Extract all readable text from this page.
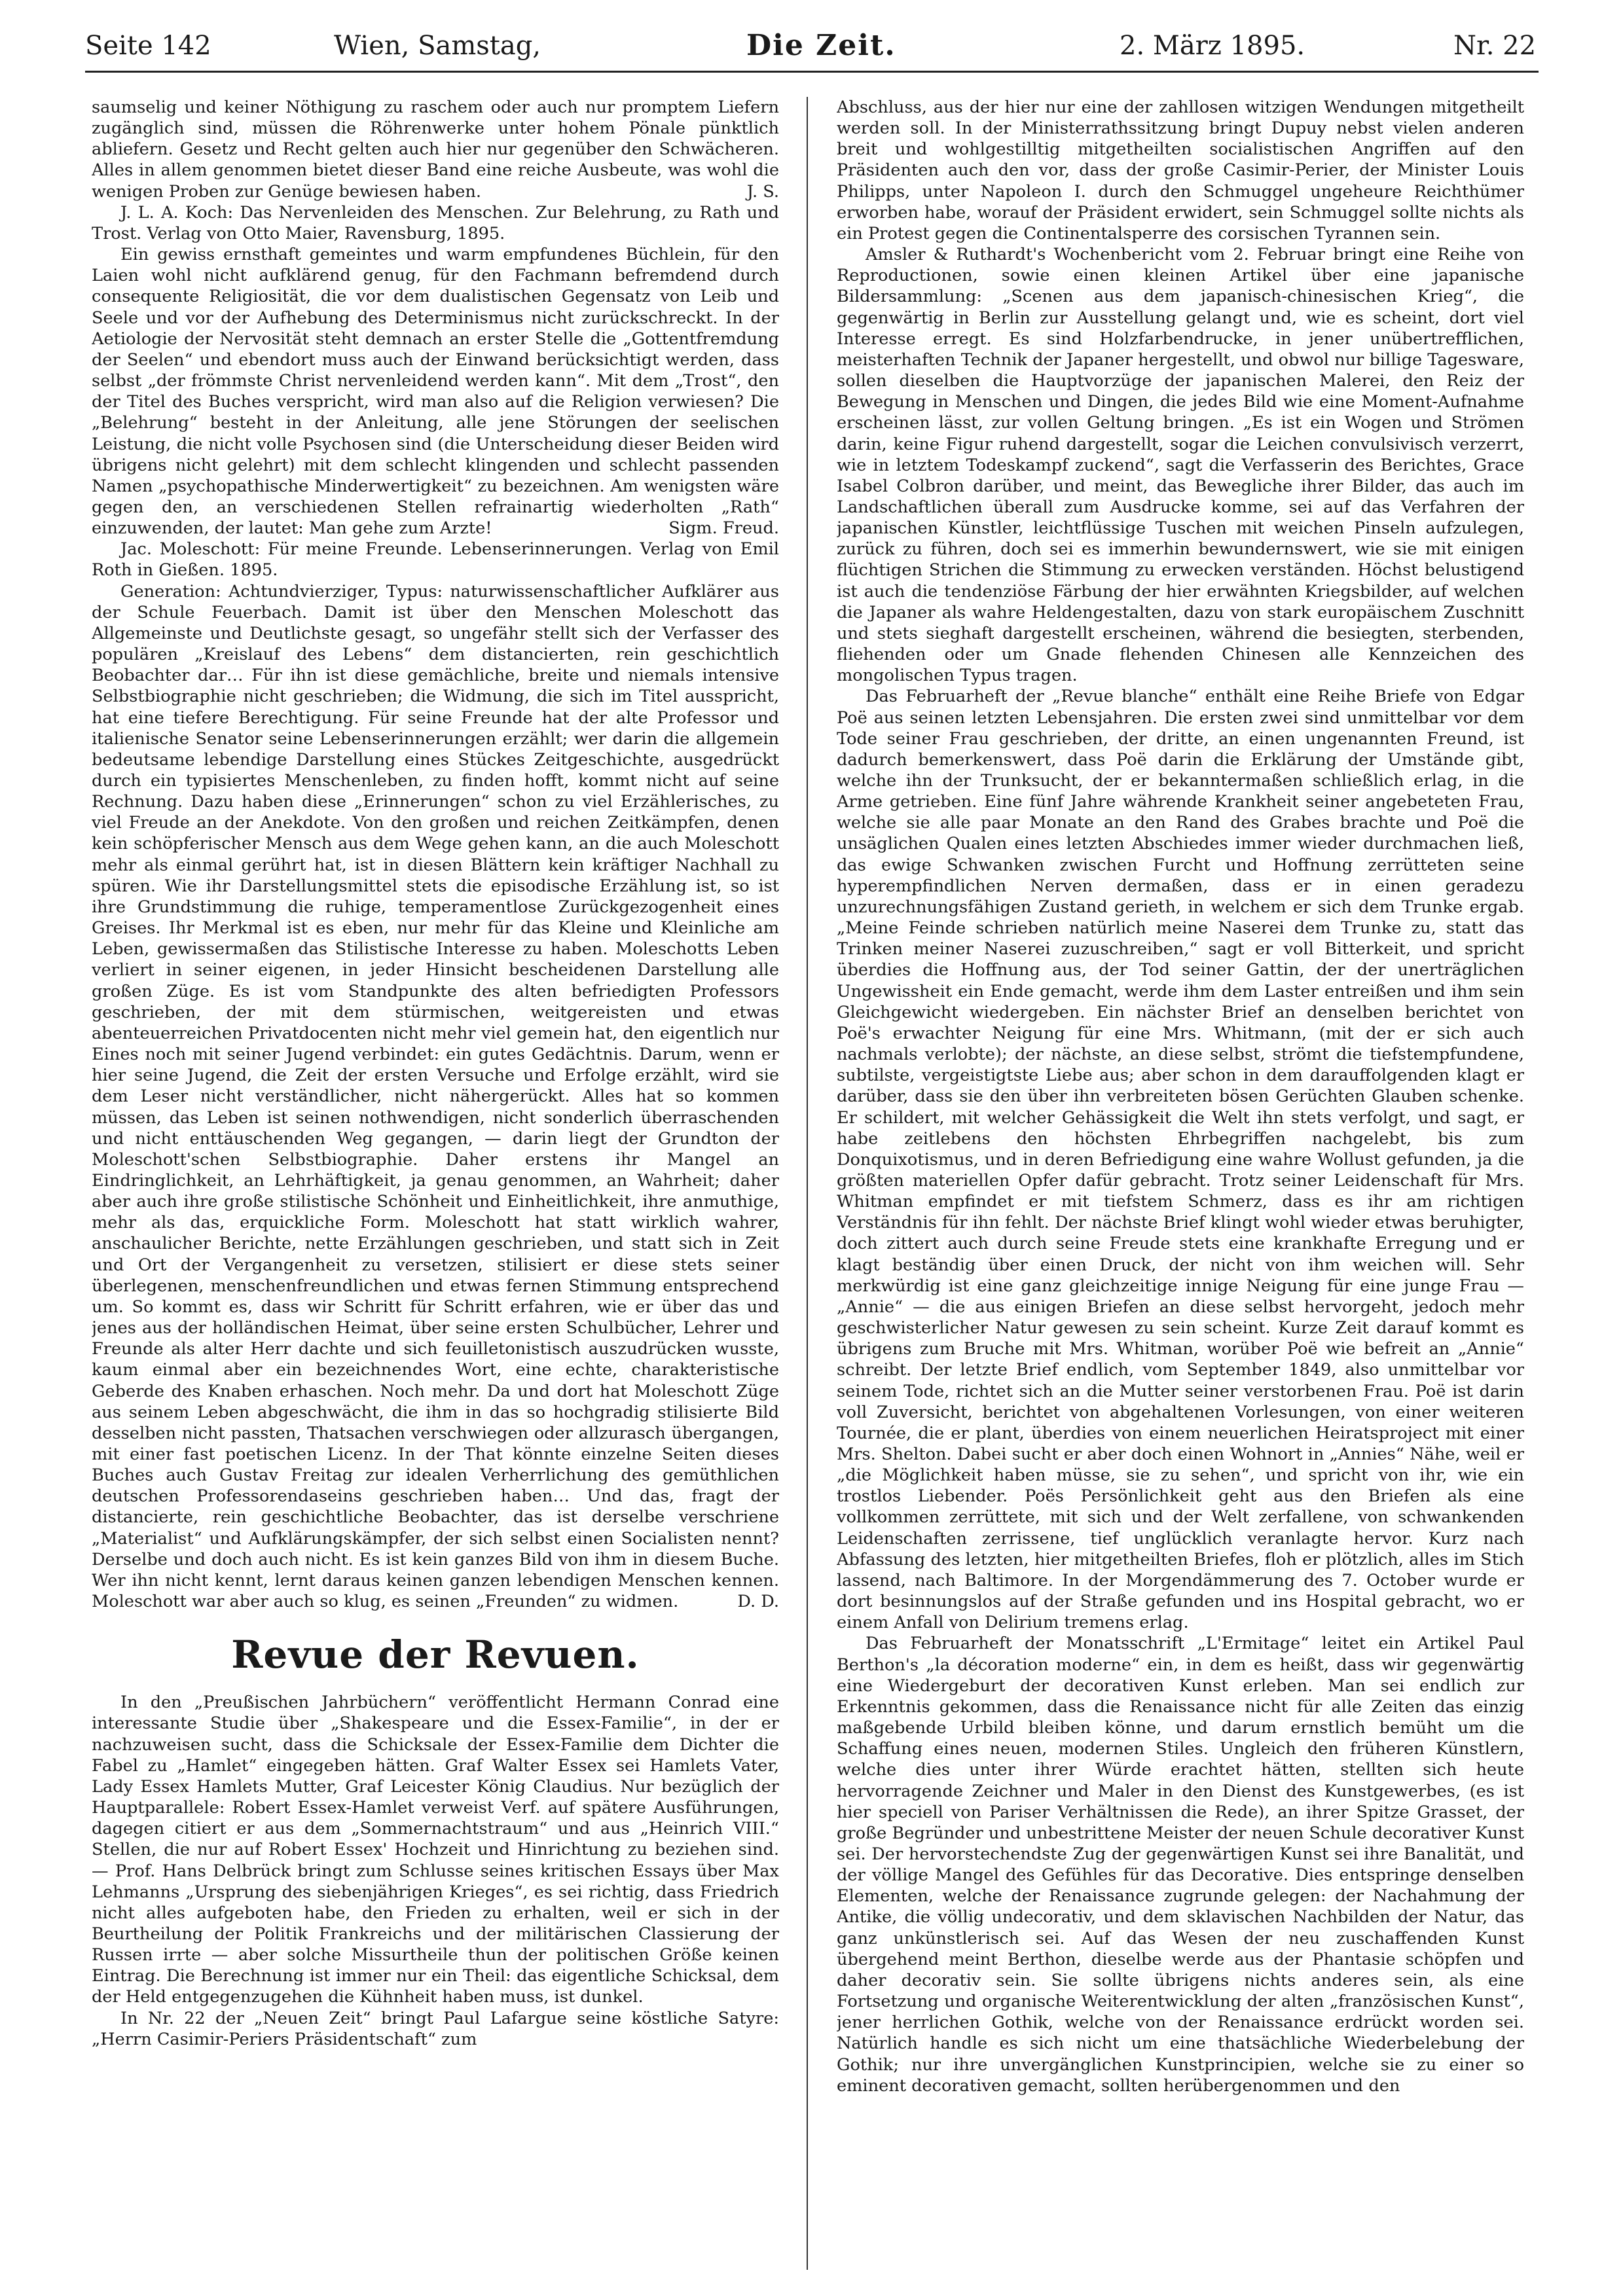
Seite 142	Wien, Samstag,	Die Zeit.	2. März 1895.	Nr. 22

saumselig und keiner Nöthigung zu raschem oder auch nur promptem Liefern zugänglich sind, müssen die Röhrenwerke unter hohem Pönale pünktlich abliefern. Gesetz und Recht gelten auch hier nur gegenüber den Schwächeren. Alles in allem genommen bietet dieser Band eine reiche Ausbeute, was wohl die wenigen Proben zur Genüge bewiesen haben.	J. S.

J. L. A. Koch: Das Nervenleiden des Menschen. Zur Belehrung, zu Rath und Trost. Verlag von Otto Maier, Ravensburg, 1895.

Ein gewiss ernsthaft gemeintes und warm empfundenes Büchlein, für den Laien wohl nicht aufklärend genug, für den Fachmann befremdend durch consequente Religiosität, die vor dem dualistischen Gegensatz von Leib und Seele und vor der Aufhebung des Determinismus nicht zurückschreckt. In der Aetiologie der Nervosität steht demnach an erster Stelle die „Gottentfremdung der Seelen“ und ebendort muss auch der Einwand berücksichtigt werden, dass selbst „der frömmste Christ nervenleidend werden kann“. Mit dem „Trost“, den der Titel des Buches verspricht, wird man also auf die Religion verwiesen? Die „Belehrung“ besteht in der Anleitung, alle jene Störungen der seelischen Leistung, die nicht volle Psychosen sind (die Unterscheidung dieser Beiden wird übrigens nicht gelehrt) mit dem schlecht klingenden und schlecht passenden Namen „psychopathische Minderwertigkeit“ zu bezeichnen. Am wenigsten wäre gegen den, an verschiedenen Stellen refrainartig wiederholten „Rath“ einzuwenden, der lautet: Man gehe zum Arzte!	Sigm. Freud.

Jac. Moleschott: Für meine Freunde. Lebenserinnerungen. Verlag von Emil Roth in Gießen. 1895.

Generation: Achtundvierziger, Typus: naturwissenschaftlicher Aufklärer aus der Schule Feuerbach. Damit ist über den Menschen Moleschott das Allgemeinste und Deutlichste gesagt, so ungefähr stellt sich der Verfasser des populären „Kreislauf des Lebens“ dem distancierten, rein geschichtlich Beobachter dar… Für ihn ist diese gemächliche, breite und niemals intensive Selbstbiographie nicht geschrieben; die Widmung, die sich im Titel ausspricht, hat eine tiefere Berechtigung. Für seine Freunde hat der alte Professor und italienische Senator seine Lebenserinnerungen erzählt; wer darin die allgemein bedeutsame lebendige Darstellung eines Stückes Zeitgeschichte, ausgedrückt durch ein typisiertes Menschenleben, zu finden hofft, kommt nicht auf seine Rechnung. Dazu haben diese „Erinnerungen“ schon zu viel Erzählerisches, zu viel Freude an der Anekdote. Von den großen und reichen Zeitkämpfen, denen kein schöpferischer Mensch aus dem Wege gehen kann, an die auch Moleschott mehr als einmal gerührt hat, ist in diesen Blättern kein kräftiger Nachhall zu spüren. Wie ihr Darstellungsmittel stets die episodische Erzählung ist, so ist ihre Grundstimmung die ruhige, temperamentlose Zurückgezogenheit eines Greises. Ihr Merkmal ist es eben, nur mehr für das Kleine und Kleinliche am Leben, gewissermaßen das Stilistische Interesse zu haben. Moleschotts Leben verliert in seiner eigenen, in jeder Hinsicht bescheidenen Darstellung alle großen Züge. Es ist vom Standpunkte des alten befriedigten Professors geschrieben, der mit dem stürmischen, weitgereisten und etwas abenteuerreichen Privatdocenten nicht mehr viel gemein hat, den eigentlich nur Eines noch mit seiner Jugend verbindet: ein gutes Gedächtnis. Darum, wenn er hier seine Jugend, die Zeit der ersten Versuche und Erfolge erzählt, wird sie dem Leser nicht verständlicher, nicht nähergerückt. Alles hat so kommen müssen, das Leben ist seinen nothwendigen, nicht sonderlich überraschenden und nicht enttäuschenden Weg gegangen, — darin liegt der Grundton der Moleschott'schen Selbstbiographie. Daher erstens ihr Mangel an Eindringlichkeit, an Lehrhäftigkeit, ja genau genommen, an Wahrheit; daher aber auch ihre große stilistische Schönheit und Einheitlichkeit, ihre anmuthige, mehr als das, erquickliche Form. Moleschott hat statt wirklich wahrer, anschaulicher Berichte, nette Erzählungen geschrieben, und statt sich in Zeit und Ort der Vergangenheit zu versetzen, stilisiert er diese stets seiner überlegenen, menschenfreundlichen und etwas fernen Stimmung entsprechend um. So kommt es, dass wir Schritt für Schritt erfahren, wie er über das und jenes aus der holländischen Heimat, über seine ersten Schulbücher, Lehrer und Freunde als alter Herr dachte und sich feuilletonistisch auszudrücken wusste, kaum einmal aber ein bezeichnendes Wort, eine echte, charakteristische Geberde des Knaben erhaschen. Noch mehr. Da und dort hat Moleschott Züge aus seinem Leben abgeschwächt, die ihm in das so hochgradig stilisierte Bild desselben nicht passten, Thatsachen verschwiegen oder allzurasch übergangen, mit einer fast poetischen Licenz. In der That könnte einzelne Seiten dieses Buches auch Gustav Freitag zur idealen Verherrlichung des gemüthlichen deutschen Professorendaseins geschrieben haben… Und das, fragt der distancierte, rein geschichtliche Beobachter, das ist derselbe verschriene „Materialist“ und Aufklärungskämpfer, der sich selbst einen Socialisten nennt? Derselbe und doch auch nicht. Es ist kein ganzes Bild von ihm in diesem Buche. Wer ihn nicht kennt, lernt daraus keinen ganzen lebendigen Menschen kennen. Moleschott war aber auch so klug, es seinen „Freunden“ zu widmen.	D. D.

Revue der Revuen.

In den „Preußischen Jahrbüchern“ veröffentlicht Hermann Conrad eine interessante Studie über „Shakespeare und die Essex-Familie“, in der er nachzuweisen sucht, dass die Schicksale der Essex-Familie dem Dichter die Fabel zu „Hamlet“ eingegeben hätten. Graf Walter Essex sei Hamlets Vater, Lady Essex Hamlets Mutter, Graf Leicester König Claudius. Nur bezüglich der Hauptparallele: Robert Essex-Hamlet verweist Verf. auf spätere Ausführungen, dagegen citiert er aus dem „Sommernachtstraum“ und aus „Heinrich VIII.“ Stellen, die nur auf Robert Essex' Hochzeit und Hinrichtung zu beziehen sind. — Prof. Hans Delbrück bringt zum Schlusse seines kritischen Essays über Max Lehmanns „Ursprung des siebenjährigen Krieges“, es sei richtig, dass Friedrich nicht alles aufgeboten habe, den Frieden zu erhalten, weil er sich in der Beurtheilung der Politik Frankreichs und der militärischen Classierung der Russen irrte — aber solche Missurtheile thun der politischen Größe keinen Eintrag. Die Berechnung ist immer nur ein Theil: das eigentliche Schicksal, dem der Held entgegenzugehen die Kühnheit haben muss, ist dunkel.

In Nr. 22 der „Neuen Zeit“ bringt Paul Lafargue seine köstliche Satyre: „Herrn Casimir-Periers Präsidentschaft“ zum

Abschluss, aus der hier nur eine der zahllosen witzigen Wendungen mitgetheilt werden soll. In der Ministerrathssitzung bringt Dupuy nebst vielen anderen breit und wohlgestilltig mitgetheilten socialistischen Angriffen auf den Präsidenten auch den vor, dass der große Casimir-Perier, der Minister Louis Philipps, unter Napoleon I. durch den Schmuggel ungeheure Reichthümer erworben habe, worauf der Präsident erwidert, sein Schmuggel sollte nichts als ein Protest gegen die Continentalsperre des corsischen Tyrannen sein.

Amsler & Ruthardt's Wochenbericht vom 2. Februar bringt eine Reihe von Reproductionen, sowie einen kleinen Artikel über eine japanische Bildersammlung: „Scenen aus dem japanisch-chinesischen Krieg“, die gegenwärtig in Berlin zur Ausstellung gelangt und, wie es scheint, dort viel Interesse erregt. Es sind Holzfarbendrucke, in jener unübertrefflichen, meisterhaften Technik der Japaner hergestellt, und obwol nur billige Tagesware, sollen dieselben die Hauptvorzüge der japanischen Malerei, den Reiz der Bewegung in Menschen und Dingen, die jedes Bild wie eine Moment-Aufnahme erscheinen lässt, zur vollen Geltung bringen. „Es ist ein Wogen und Strömen darin, keine Figur ruhend dargestellt, sogar die Leichen convulsivisch verzerrt, wie in letztem Todeskampf zuckend“, sagt die Verfasserin des Berichtes, Grace Isabel Colbron darüber, und meint, das Bewegliche ihrer Bilder, das auch im Landschaftlichen überall zum Ausdrucke komme, sei auf das Verfahren der japanischen Künstler, leichtflüssige Tuschen mit weichen Pinseln aufzulegen, zurück zu führen, doch sei es immerhin bewundernswert, wie sie mit einigen flüchtigen Strichen die Stimmung zu erwecken verständen. Höchst belustigend ist auch die tendenziöse Färbung der hier erwähnten Kriegsbilder, auf welchen die Japaner als wahre Heldengestalten, dazu von stark europäischem Zuschnitt und stets sieghaft dargestellt erscheinen, während die besiegten, sterbenden, fliehenden oder um Gnade flehenden Chinesen alle Kennzeichen des mongolischen Typus tragen.

Das Februarheft der „Revue blanche“ enthält eine Reihe Briefe von Edgar Poë aus seinen letzten Lebensjahren. Die ersten zwei sind unmittelbar vor dem Tode seiner Frau geschrieben, der dritte, an einen ungenannten Freund, ist dadurch bemerkenswert, dass Poë darin die Erklärung der Umstände gibt, welche ihn der Trunksucht, der er bekanntermaßen schließlich erlag, in die Arme getrieben. Eine fünf Jahre währende Krankheit seiner angebeteten Frau, welche sie alle paar Monate an den Rand des Grabes brachte und Poë die unsäglichen Qualen eines letzten Abschiedes immer wieder durchmachen ließ, das ewige Schwanken zwischen Furcht und Hoffnung zerrütteten seine hyperempfindlichen Nerven dermaßen, dass er in einen geradezu unzurechnungsfähigen Zustand gerieth, in welchem er sich dem Trunke ergab. „Meine Feinde schrieben natürlich meine Naserei dem Trunke zu, statt das Trinken meiner Naserei zuzuschreiben,“ sagt er voll Bitterkeit, und spricht überdies die Hoffnung aus, der Tod seiner Gattin, der der unerträglichen Ungewissheit ein Ende gemacht, werde ihm dem Laster entreißen und ihm sein Gleichgewicht wiedergeben. Ein nächster Brief an denselben berichtet von Poë's erwachter Neigung für eine Mrs. Whitmann, (mit der er sich auch nachmals verlobte); der nächste, an diese selbst, strömt die tiefstempfundene, subtilste, vergeistigtste Liebe aus; aber schon in dem darauffolgenden klagt er darüber, dass sie den über ihn verbreiteten bösen Gerüchten Glauben schenke. Er schildert, mit welcher Gehässigkeit die Welt ihn stets verfolgt, und sagt, er habe zeitlebens den höchsten Ehrbegriffen nachgelebt, bis zum Donquixotismus, und in deren Befriedigung eine wahre Wollust gefunden, ja die größten materiellen Opfer dafür gebracht. Trotz seiner Leidenschaft für Mrs. Whitman empfindet er mit tiefstem Schmerz, dass es ihr am richtigen Verständnis für ihn fehlt. Der nächste Brief klingt wohl wieder etwas beruhigter, doch zittert auch durch seine Freude stets eine krankhafte Erregung und er klagt beständig über einen Druck, der nicht von ihm weichen will. Sehr merkwürdig ist eine ganz gleichzeitige innige Neigung für eine junge Frau — „Annie“ — die aus einigen Briefen an diese selbst hervorgeht, jedoch mehr geschwisterlicher Natur gewesen zu sein scheint. Kurze Zeit darauf kommt es übrigens zum Bruche mit Mrs. Whitman, worüber Poë wie befreit an „Annie“ schreibt. Der letzte Brief endlich, vom September 1849, also unmittelbar vor seinem Tode, richtet sich an die Mutter seiner verstorbenen Frau. Poë ist darin voll Zuversicht, berichtet von abgehaltenen Vorlesungen, von einer weiteren Tournée, die er plant, überdies von einem neuerlichen Heiratsproject mit einer Mrs. Shelton. Dabei sucht er aber doch einen Wohnort in „Annies“ Nähe, weil er „die Möglichkeit haben müsse, sie zu sehen“, und spricht von ihr, wie ein trostlos Liebender. Poës Persönlichkeit geht aus den Briefen als eine vollkommen zerrüttete, mit sich und der Welt zerfallene, von schwankenden Leidenschaften zerrissene, tief unglücklich veranlagte hervor. Kurz nach Abfassung des letzten, hier mitgetheilten Briefes, floh er plötzlich, alles im Stich lassend, nach Baltimore. In der Morgendämmerung des 7. October wurde er dort besinnungslos auf der Straße gefunden und ins Hospital gebracht, wo er einem Anfall von Delirium tremens erlag.

Das Februarheft der Monatsschrift „L'Ermitage“ leitet ein Artikel Paul Berthon's „la décoration moderne“ ein, in dem es heißt, dass wir gegenwärtig eine Wiedergeburt der decorativen Kunst erleben. Man sei endlich zur Erkenntnis gekommen, dass die Renaissance nicht für alle Zeiten das einzig maßgebende Urbild bleiben könne, und darum ernstlich bemüht um die Schaffung eines neuen, modernen Stiles. Ungleich den früheren Künstlern, welche dies unter ihrer Würde erachtet hätten, stellten sich heute hervorragende Zeichner und Maler in den Dienst des Kunstgewerbes, (es ist hier speciell von Pariser Verhältnissen die Rede), an ihrer Spitze Grasset, der große Begründer und unbestrittene Meister der neuen Schule decorativer Kunst sei. Der hervorstechendste Zug der gegenwärtigen Kunst sei ihre Banalität, und der völlige Mangel des Gefühles für das Decorative. Dies entspringe denselben Elementen, welche der Renaissance zugrunde gelegen: der Nachahmung der Antike, die völlig undecorativ, und dem sklavischen Nachbilden der Natur, das ganz unkünstlerisch sei. Auf das Wesen der neu zuschaffenden Kunst übergehend meint Berthon, dieselbe werde aus der Phantasie schöpfen und daher decorativ sein. Sie sollte übrigens nichts anderes sein, als eine Fortsetzung und organische Weiterentwicklung der alten „französischen Kunst“, jener herrlichen Gothik, welche von der Renaissance erdrückt worden sei. Natürlich handle es sich nicht um eine thatsächliche Wiederbelebung der Gothik; nur ihre unvergänglichen Kunstprincipien, welche sie zu einer so eminent decorativen gemacht, sollten herübergenommen und den
